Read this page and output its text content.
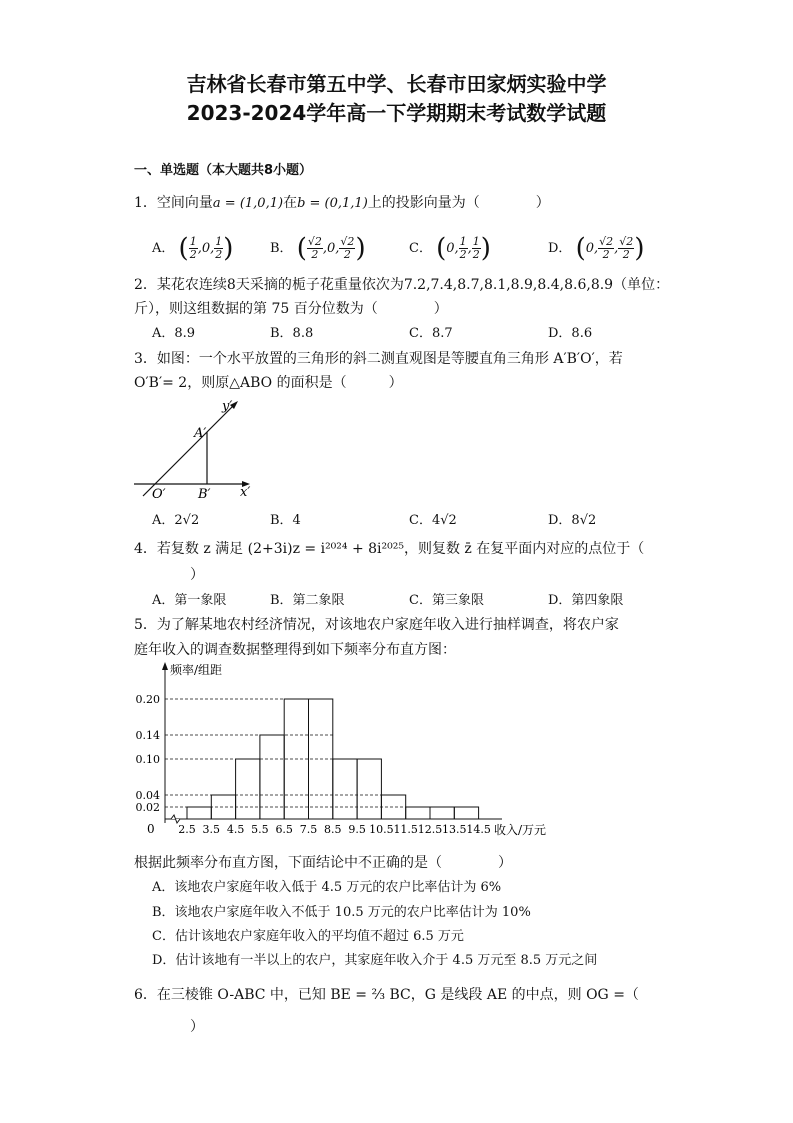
吉林省长春市第五中学、长春市田家炳实验中学
2023-2024学年高一下学期期末考试数学试题
一、单选题（本大题共8小题）
1．空间向量a = (1,0,1)在b = (0,1,1)上的投影向量为（　　　　）
A． ( $\frac{1}{2} ,0$, $\frac{1}{2}$ )	B． ( $\frac{√2}{2} ,0$, $\frac{√2}{2}$ )	C． (0, $\frac{1}{2}$ , $\frac{1}{2}$ )	D． (0, $\frac{√2}{2}$ , $\frac{√2}{2}$ )
2．某花农连续8天采摘的栀子花重量依次为7.2,7.4,8.7,8.1,8.9,8.4,8.6,8.9（单位：
斤），则这组数据的第 75 百分位数为（　　　　）
A．8.9	B．8.8	C．8.7	D．8.6
3．如图：一个水平放置的三角形的斜二测直观图是等腰直角三角形 A′B′O′，若
O′B′= 2，则原△ABO 的面积是（　　　）
A′
B′
O′	x′
y′
A．2√2	B．4	C．4√2	D．8√2
4．若复数 z 满足 (2+3i)z = i²⁰²⁴ + 8i²⁰²⁵，则复数 z̄ 在复平面内对应的点位于（
）
A．第一象限	B．第二象限	C．第三象限	D．第四象限
5．为了解某地农村经济情况，对该地农户家庭年收入进行抽样调查，将农户家
庭年收入的调查数据整理得到如下频率分布直方图：
0.20
0.14
0.10
0.04
0.02
2.5 3.5 4.5 5.5 6.5 7.5 8.5 9.5 10.5 11.5 12.5 13.5 14.5 收入/万元
频率/组距
0
根据此频率分布直方图，下面结论中不正确的是（　　　　）
A．该地农户家庭年收入低于 4.5 万元的农户比率估计为 6%
B．该地农户家庭年收入不低于 10.5 万元的农户比率估计为 10%
C．估计该地农户家庭年收入的平均值不超过 6.5 万元
D．估计该地有一半以上的农户，其家庭年收入介于 4.5 万元至 8.5 万元之间
6．在三棱锥 O-ABC 中，已知 BE = ⅔ BC，G 是线段 AE 的中点，则 OG =（
）
